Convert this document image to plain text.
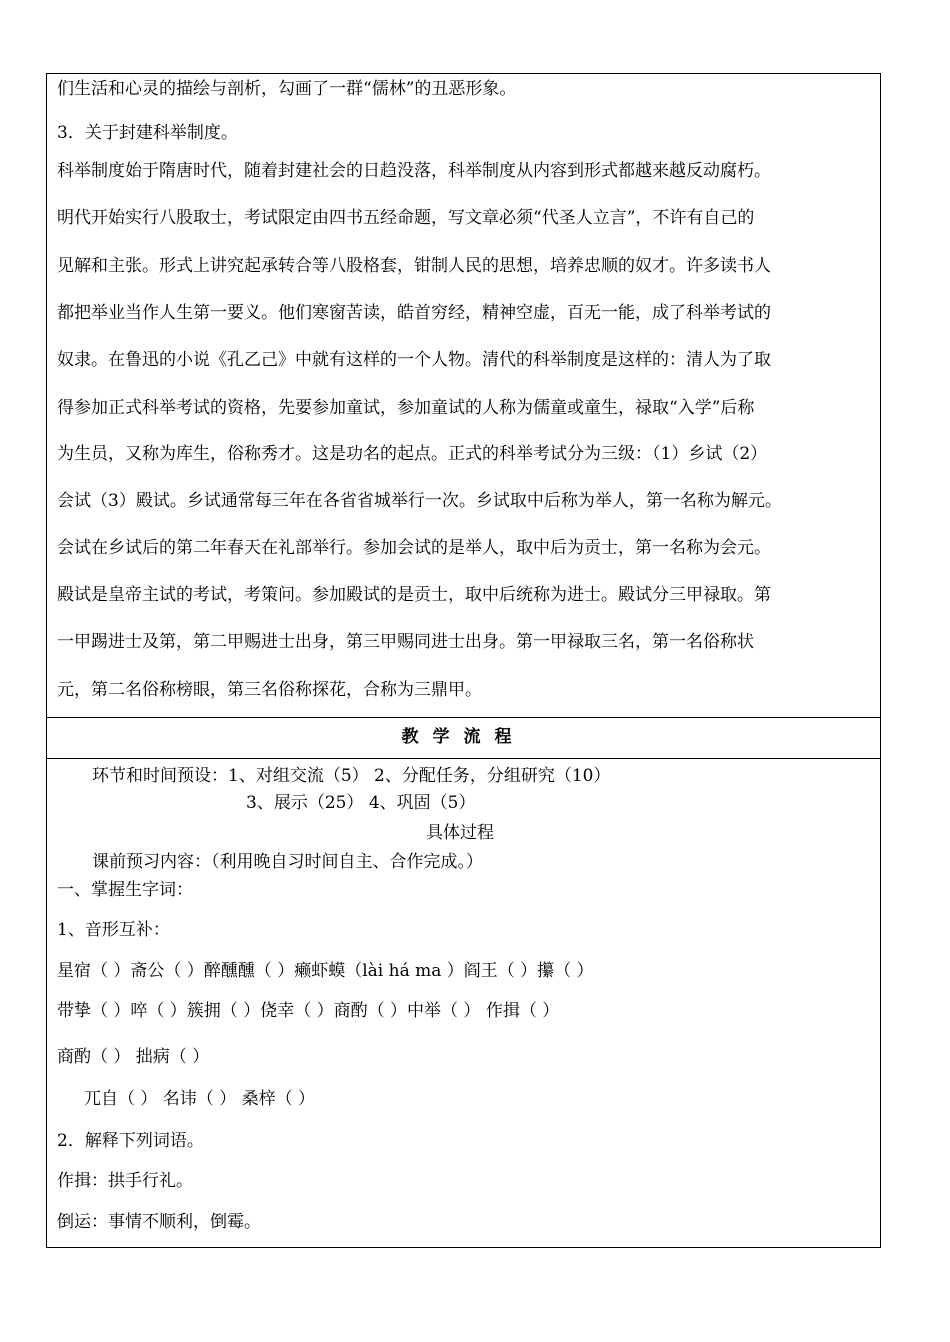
们生活和心灵的描绘与剖析，勾画了一群“儒林”的丑恶形象。
3．关于封建科举制度。
科举制度始于隋唐时代，随着封建社会的日趋没落，科举制度从内容到形式都越来越反动腐朽。
明代开始实行八股取士，考试限定由四书五经命题，写文章必须“代圣人立言”，不许有自己的
见解和主张。形式上讲究起承转合等八股格套，钳制人民的思想，培养忠顺的奴才。许多读书人
都把举业当作人生第一要义。他们寒窗苦读，皓首穷经，精神空虚，百无一能，成了科举考试的
奴隶。在鲁迅的小说《孔乙己》中就有这样的一个人物。清代的科举制度是这样的：清人为了取
得参加正式科举考试的资格，先要参加童试，参加童试的人称为儒童或童生，禄取“入学”后称
为生员，又称为库生，俗称秀才。这是功名的起点。正式的科举考试分为三级：（1）乡试（2）
会试（3）殿试。乡试通常每三年在各省省城举行一次。乡试取中后称为举人，第一名称为解元。
会试在乡试后的第二年春天在礼部举行。参加会试的是举人，取中后为贡士，第一名称为会元。
殿试是皇帝主试的考试，考策问。参加殿试的是贡士，取中后统称为进士。殿试分三甲禄取。第
一甲踢进士及第，第二甲赐进士出身，第三甲赐同进士出身。第一甲禄取三名，第一名俗称状
元，第二名俗称榜眼，第三名俗称探花，合称为三鼎甲。
教学流程
环节和时间预设：1、对组交流（5） 2、分配任务，分组研究（10）
3、展示（25） 4、巩固（5）
具体过程
课前预习内容：（利用晚自习时间自主、合作完成。）
一、掌握生字词：
1、音形互补：
星宿（ ）斋公（ ）醉醺醺（ ）癞虾蟆（lài há ma ）阎王（ ）攥（ ）
带挚（ ）啐（ ）簇拥（ ）侥幸（ ）商酌（ ）中举（ ） 作揖（ ）
商酌（ ） 拙病（ ）
兀自（ ） 名讳（ ） 桑梓（ ）
2．解释下列词语。
作揖：拱手行礼。
倒运：事情不顺利，倒霉。
